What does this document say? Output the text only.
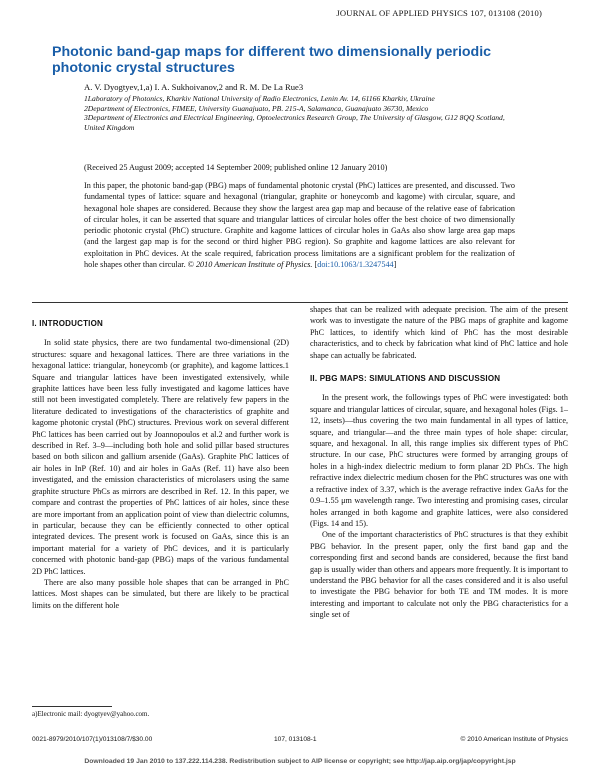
JOURNAL OF APPLIED PHYSICS 107, 013108 (2010)
Photonic band-gap maps for different two dimensionally periodic photonic crystal structures
A. V. Dyogtyev,1,a) I. A. Sukhoivanov,2 and R. M. De La Rue3

1Laboratory of Photonics, Kharkiv National University of Radio Electronics, Lenin Av. 14, 61166 Kharkiv, Ukraine

2Department of Electronics, FIMEE, University Guanajuato, PB. 215-A, Salamanca, Guanajuato 36730, Mexico

3Department of Electronics and Electrical Engineering, Optoelectronics Research Group, The University of Glasgow, G12 8QQ Scotland, United Kingdom

(Received 25 August 2009; accepted 14 September 2009; published online 12 January 2010)
In this paper, the photonic band-gap (PBG) maps of fundamental photonic crystal (PhC) lattices are presented, and discussed. Two fundamental types of lattice: square and hexagonal (triangular, graphite or honeycomb and kagome) with circular, square, and hexagonal hole shapes are considered. Because they show the largest area gap map and because of the relative ease of fabrication of circular holes, it can be asserted that square and triangular lattices of circular holes offer the best choice of two dimensionally periodic photonic crystal (PhC) structure. Graphite and kagome lattices of circular holes in GaAs also show large area gap maps (and the largest gap map is for the second or third higher PBG region). So graphite and kagome lattices are also relevant for exploitation in PhC devices. At the scale required, fabrication process limitations are a significant problem for the realization of hole shapes other than circular. © 2010 American Institute of Physics. [doi:10.1063/1.3247544]
I. INTRODUCTION

In solid state physics, there are two fundamental two-dimensional (2D) structures: square and hexagonal lattices. There are three variations in the hexagonal lattice: triangular, honeycomb (or graphite), and kagome lattices.1 Square and triangular lattices have been investigated extensively, while graphite lattices have been less fully investigated and kagome lattices have still not been investigated completely. There are relatively few papers in the literature dedicated to investigations of the characteristics of graphite and kagome photonic crystal (PhC) structures. Previous work on several different PhC lattices has been carried out by Joannopoulos et al.2 and further work is described in Ref. 3–9—including both hole and solid pillar based structures based on both silicon and gallium arsenide (GaAs). Graphite PhC lattices of air holes in InP (Ref. 10) and air holes in GaAs (Ref. 11) have also been investigated, and the emission characteristics of microlasers using the same graphite structure PhCs as mirrors are described in Ref. 12. In this paper, we compare and contrast the properties of PhC lattices of air holes, since these are more important from an application point of view than dielectric columns, in particular, because they can be efficiently connected to other optical integrated devices. The present work is focused on GaAs, since this is an important material for a variety of PhC devices, and it is particularly concerned with photonic band-gap (PBG) maps of the various fundamental 2D PhC lattices.

There are also many possible hole shapes that can be arranged in PhC lattices. Most shapes can be simulated, but there are likely to be practical limits on the different hole

a)Electronic mail: dyogtyev@yahoo.com.

shapes that can be realized with adequate precision. The aim of the present work was to investigate the nature of the PBG maps of graphite and kagome PhC lattices, to identify which kind of PhC has the most desirable characteristics, and to check by fabrication what kind of PhC lattice and hole shape can actually be fabricated.

II. PBG MAPS: SIMULATIONS AND DISCUSSION

In the present work, the followings types of PhC were investigated: both square and triangular lattices of circular, square, and hexagonal holes (Figs. 1–12, insets)—thus covering the two main fundamental in all types of lattice, square, and triangular—and the three main types of hole shape: circular, square, and hexagonal. In all, this range implies six different types of PhC structure. In our case, PhC structures were formed by arranging groups of holes in a high-index dielectric medium to form planar 2D PhCs. The high refractive index dielectric medium chosen for the PhC structures was one with a refractive index of 3.37, which is the average refractive index GaAs for the 0.9–1.55 μm wavelength range. Two interesting and promising cases, circular holes arranged in both kagome and graphite lattices, were also considered (Figs. 14 and 15).

One of the important characteristics of PhC structures is that they exhibit PBG behavior. In the present paper, only the first band gap and the corresponding first and second bands are considered, because the first band gap is usually wider than others and appears more frequently. It is important to understand the PBG behavior for all the cases considered and it is also useful to investigate the PBG behavior for both TE and TM modes. It is more interesting and important to calculate not only the PBG characteristics for a single set of

0021-8979/2010/107(1)/013108/7/$30.00	107, 013108-1	© 2010 American Institute of Physics
Downloaded 19 Jan 2010 to 137.222.114.238. Redistribution subject to AIP license or copyright; see http://jap.aip.org/jap/copyright.jsp
